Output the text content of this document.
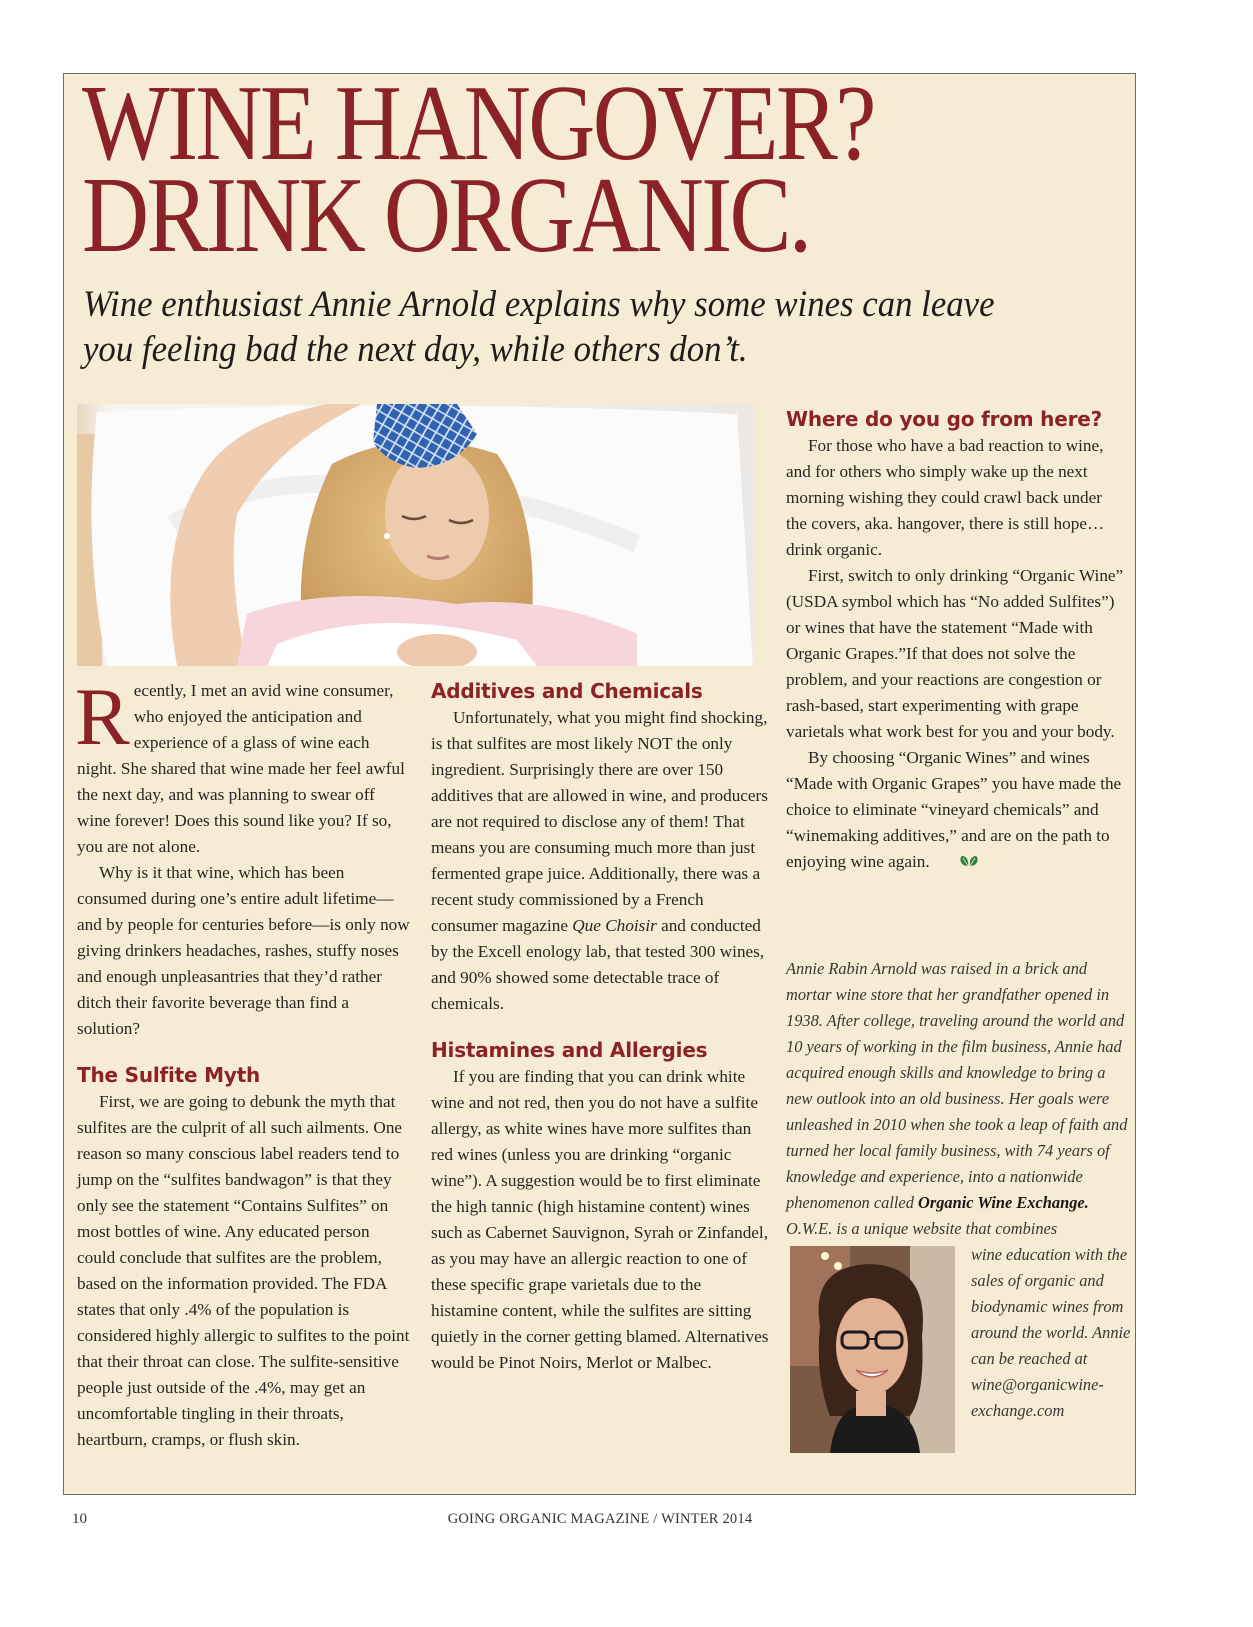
WINE HANGOVER?
DRINK ORGANIC.

Wine enthusiast Annie Arnold explains why some wines can leave you feeling bad the next day, while others don’t.

Recently, I met an avid wine consumer, who enjoyed the anticipation and experience of a glass of wine each night. She shared that wine made her feel awful the next day, and was planning to swear off wine forever! Does this sound like you? If so, you are not alone.

Why is it that wine, which has been consumed during one’s entire adult lifetime—and by people for centuries before—is only now giving drinkers headaches, rashes, stuffy noses and enough unpleasantries that they’d rather ditch their favorite beverage than find a solution?

The Sulfite Myth

First, we are going to debunk the myth that sulfites are the culprit of all such ailments. One reason so many conscious label readers tend to jump on the “sulfites bandwagon” is that they only see the statement “Contains Sulfites” on most bottles of wine. Any educated person could conclude that sulfites are the problem, based on the information provided. The FDA states that only .4% of the population is considered highly allergic to sulfites to the point that their throat can close. The sulfite-sensitive people just outside of the .4%, may get an uncomfortable tingling in their throats, heartburn, cramps, or flush skin.

Additives and Chemicals

Unfortunately, what you might find shocking, is that sulfites are most likely NOT the only ingredient. Surprisingly there are over 150 additives that are allowed in wine, and producers are not required to disclose any of them! That means you are consuming much more than just fermented grape juice. Additionally, there was a recent study commissioned by a French consumer magazine Que Choisir and conducted by the Excell enology lab, that tested 300 wines, and 90% showed some detectable trace of chemicals.

Histamines and Allergies

If you are finding that you can drink white wine and not red, then you do not have a sulfite allergy, as white wines have more sulfites than red wines (unless you are drinking “organic wine”). A suggestion would be to first eliminate the high tannic (high histamine content) wines such as Cabernet Sauvignon, Syrah or Zinfandel, as you may have an allergic reaction to one of these specific grape varietals due to the histamine content, while the sulfites are sitting quietly in the corner getting blamed. Alternatives would be Pinot Noirs, Merlot or Malbec.

Where do you go from here?

For those who have a bad reaction to wine, and for others who simply wake up the next morning wishing they could crawl back under the covers, aka. hangover, there is still hope… drink organic.

First, switch to only drinking “Organic Wine” (USDA symbol which has “No added Sulfites”) or wines that have the statement “Made with Organic Grapes.”If that does not solve the problem, and your reactions are congestion or rash-based, start experimenting with grape varietals what work best for you and your body.

By choosing “Organic Wines” and wines “Made with Organic Grapes” you have made the choice to eliminate “vineyard chemicals” and “winemaking additives,” and are on the path to enjoying wine again.

Annie Rabin Arnold was raised in a brick and mortar wine store that her grandfather opened in 1938. After college, traveling around the world and 10 years of working in the film business, Annie had acquired enough skills and knowledge to bring a new outlook into an old business. Her goals were unleashed in 2010 when she took a leap of faith and turned her local family business, with 74 years of knowledge and experience, into a nationwide phenomenon called Organic Wine Exchange. O.W.E. is a unique website that combines

wine education with the sales of organic and biodynamic wines from around the world. Annie can be reached at wine@organicwine-exchange.com

10	GOING ORGANIC MAGAZINE / WINTER 2014
